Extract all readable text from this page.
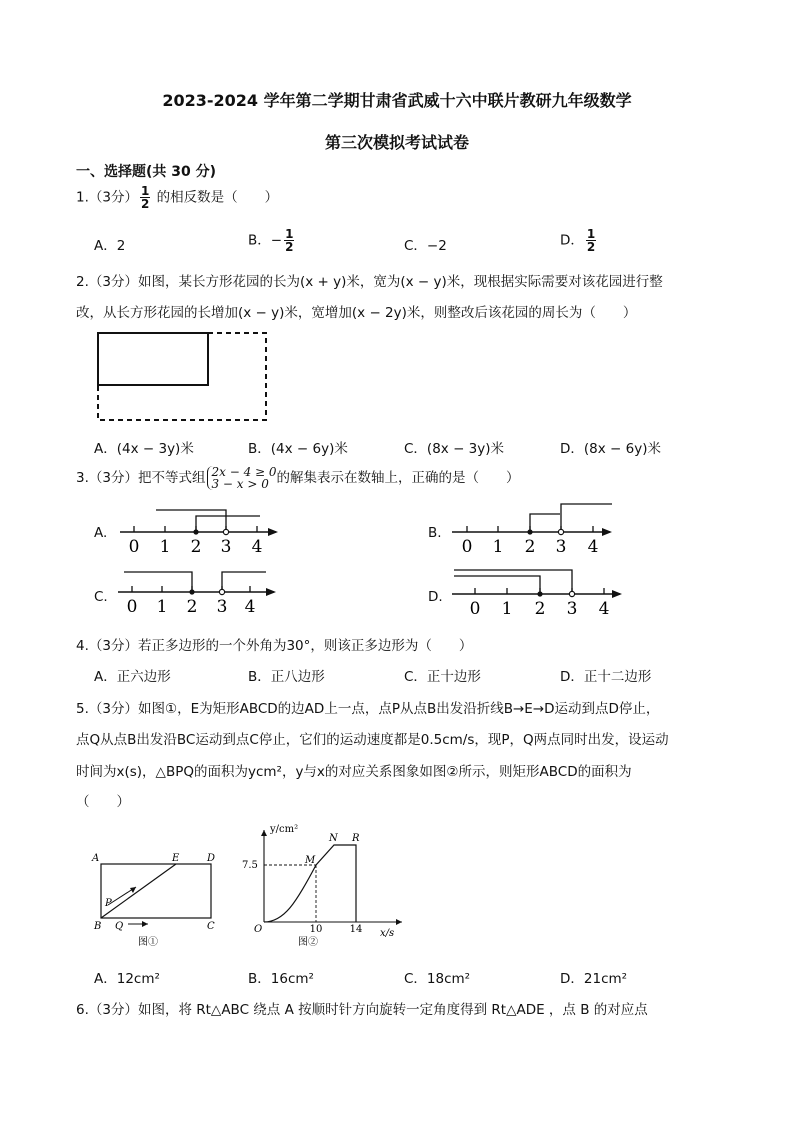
2023-2024 学年第二学期甘肃省武威十六中联片教研九年级数学
第三次模拟考试试卷
一、选择题(共 30 分)
1.（3分） $\frac{1}{2}$ 的相反数是（　　）
A．2	B．− $\frac{1}{2}$	C．−2	D． $\frac{1}{2}$
2.（3分）如图，某长方形花园的长为(x + y)米，宽为(x − y)米，现根据实际需要对该花园进行整
改，从长方形花园的长增加(x − y)米，宽增加(x − 2y)米，则整改后该花园的周长为（　　）
A．(4x − 3y)米	B．(4x − 6y)米	C．(8x − 3y)米	D．(8x − 6y)米
3.（3分）把不等式组 2x − 4 ≥ 0
3 − x > 0 的解集表示在数轴上，正确的是（　　）
A.
0 1 2 3 4
B.
0 1 2 3 4
C. 0 1 2 3 4	D.
0 1 2 3 4
4.（3分）若正多边形的一个外角为30°，则该正多边形为（　　）
A．正六边形	B．正八边形	C．正十边形	D．正十二边形
5.（3分）如图①，E为矩形ABCD的边AD上一点，点P从点B出发沿折线B→E→D运动到点D停止，
点Q从点B出发沿BC运动到点C停止，它们的运动速度都是0.5cm/s，现P，Q两点同时出发，设运动
时间为x(s)，△BPQ的面积为ycm²，y与x的对应关系图象如图②所示，则矩形ABCD的面积为
（　　）
A	E	D
P
B Q	C
图①
y/cm²
N R
M
7.5
O	10	14 x/s
图②
A．12cm²	B．16cm²	C．18cm²	D．21cm²
6.（3分）如图，将 Rt△ABC 绕点 A 按顺时针方向旋转一定角度得到 Rt△ADE ，点 B 的对应点
